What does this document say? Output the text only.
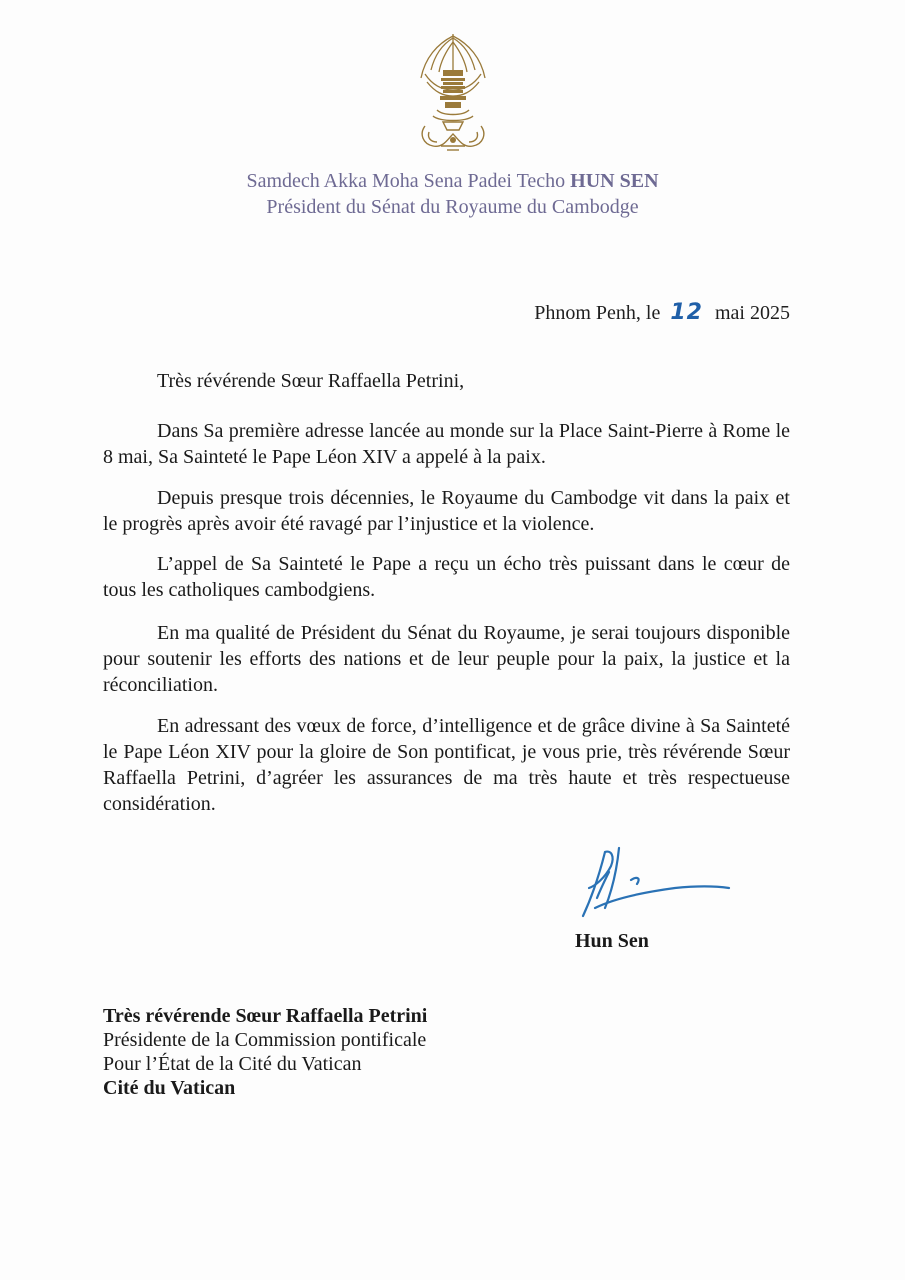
Samdech Akka Moha Sena Padei Techo HUN SEN
Président du Sénat du Royaume du Cambodge
Phnom Penh, le 12 mai 2025
Très révérende Sœur Raffaella Petrini,

Dans Sa première adresse lancée au monde sur la Place Saint-Pierre à Rome le 8 mai, Sa Sainteté le Pape Léon XIV a appelé à la paix.

Depuis presque trois décennies, le Royaume du Cambodge vit dans la paix et le progrès après avoir été ravagé par l’injustice et la violence.

L’appel de Sa Sainteté le Pape a reçu un écho très puissant dans le cœur de tous les catholiques cambodgiens.

En ma qualité de Président du Sénat du Royaume, je serai toujours disponible pour soutenir les efforts des nations et de leur peuple pour la paix, la justice et la réconciliation.

En adressant des vœux de force, d’intelligence et de grâce divine à Sa Sainteté le Pape Léon XIV pour la gloire de Son pontificat, je vous prie, très révérende Sœur Raffaella Petrini, d’agréer les assurances de ma très haute et très respectueuse considération.

Hun Sen
Très révérende Sœur Raffaella Petrini
Présidente de la Commission pontificale
Pour l’État de la Cité du Vatican
Cité du Vatican
